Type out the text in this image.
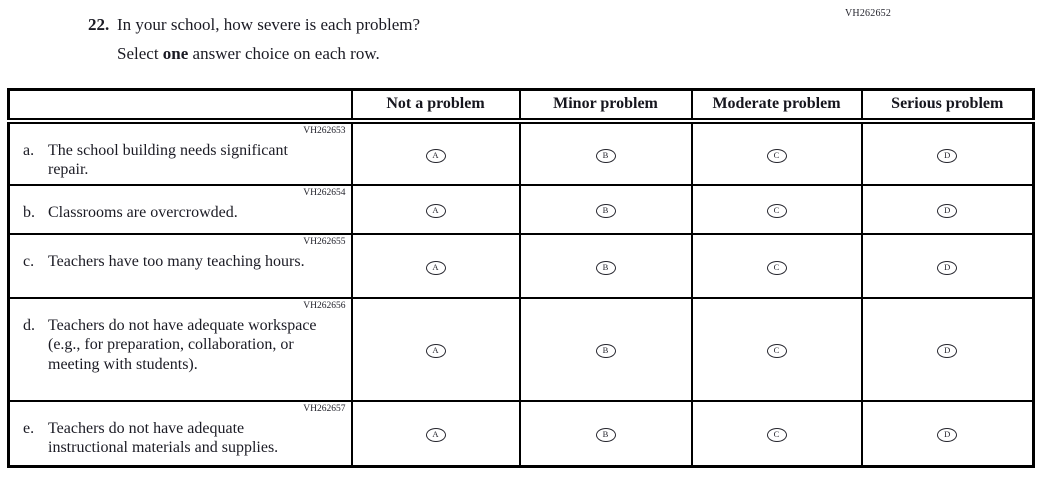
VH262652
22. In your school, how severe is each problem?
Select one answer choice on each row.
	Not a problem	Minor problem	Moderate problem	Serious problem

VH262653
a. The school building needs significant repair.	A	B	C	D

VH262654
b. Classrooms are overcrowded.	A	B	C	D

VH262655
c. Teachers have too many teaching hours.	A	B	C	D

VH262656
d. Teachers do not have adequate workspace (e.g., for preparation, collaboration, or meeting with students).	A	B	C	D

VH262657
e. Teachers do not have adequate instructional materials and supplies.	A	B	C	D
